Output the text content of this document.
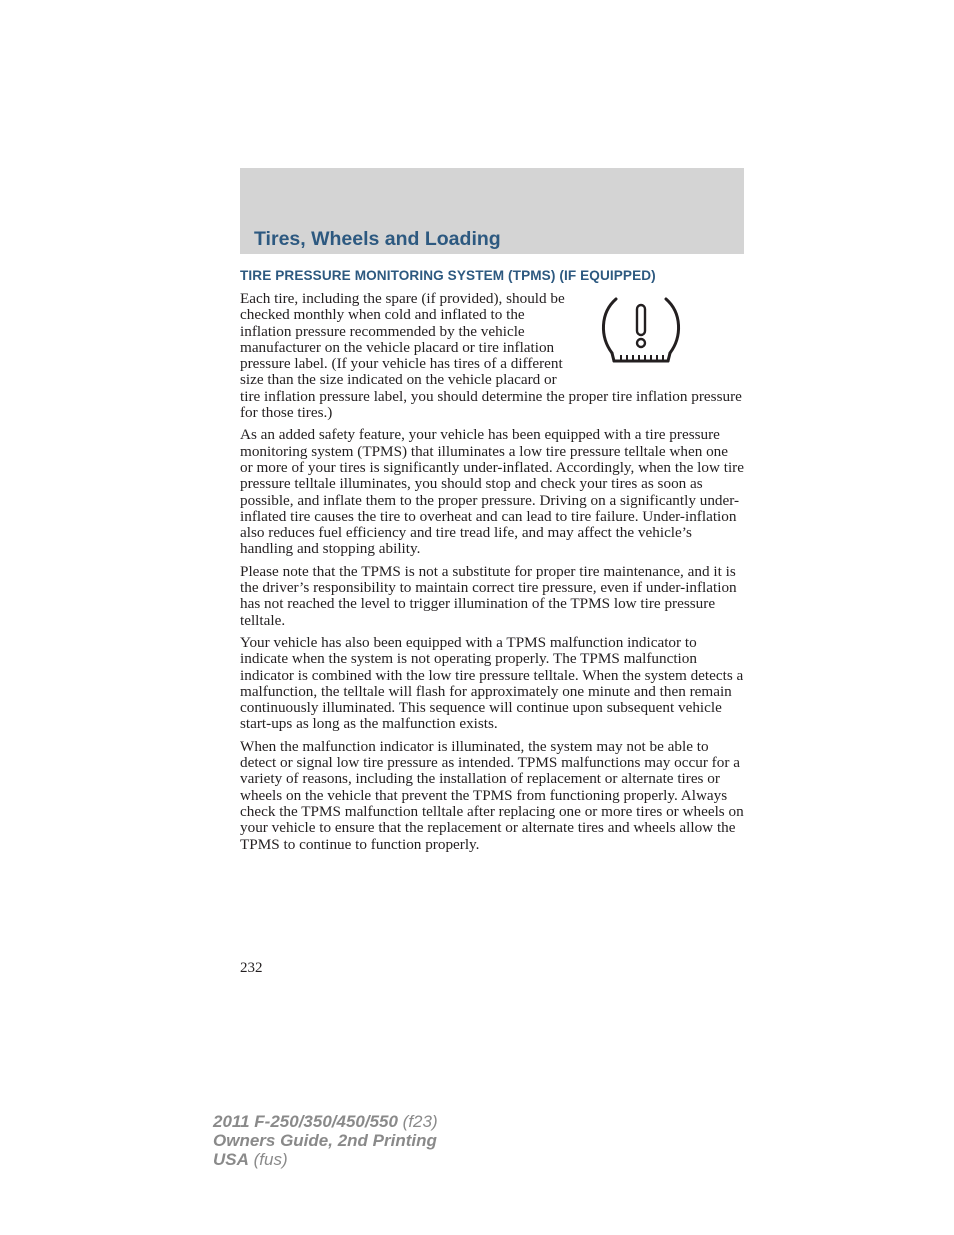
Tires, Wheels and Loading
TIRE PRESSURE MONITORING SYSTEM (TPMS) (IF EQUIPPED)

Each tire, including the spare (if provided), should be checked monthly when cold and inflated to the inflation pressure recommended by the vehicle manufacturer on the vehicle placard or tire inflation pressure label. (If your vehicle has tires of a different size than the size indicated on the vehicle placard or tire inflation pressure label, you should determine the proper tire inflation pressure for those tires.)

As an added safety feature, your vehicle has been equipped with a tire pressure monitoring system (TPMS) that illuminates a low tire pressure telltale when one or more of your tires is significantly under-inflated. Accordingly, when the low tire pressure telltale illuminates, you should stop and check your tires as soon as possible, and inflate them to the proper pressure. Driving on a significantly under-inflated tire causes the tire to overheat and can lead to tire failure. Under-inflation also reduces fuel efficiency and tire tread life, and may affect the vehicle’s handling and stopping ability.

Please note that the TPMS is not a substitute for proper tire maintenance, and it is the driver’s responsibility to maintain correct tire pressure, even if under-inflation has not reached the level to trigger illumination of the TPMS low tire pressure telltale.

Your vehicle has also been equipped with a TPMS malfunction indicator to indicate when the system is not operating properly. The TPMS malfunction indicator is combined with the low tire pressure telltale. When the system detects a malfunction, the telltale will flash for approximately one minute and then remain continuously illuminated. This sequence will continue upon subsequent vehicle start-ups as long as the malfunction exists.

When the malfunction indicator is illuminated, the system may not be able to detect or signal low tire pressure as intended. TPMS malfunctions may occur for a variety of reasons, including the installation of replacement or alternate tires or wheels on the vehicle that prevent the TPMS from functioning properly. Always check the TPMS malfunction telltale after replacing one or more tires or wheels on your vehicle to ensure that the replacement or alternate tires and wheels allow the TPMS to continue to function properly.

232
2011 F-250/350/450/550 (f23)
Owners Guide, 2nd Printing
USA (fus)
